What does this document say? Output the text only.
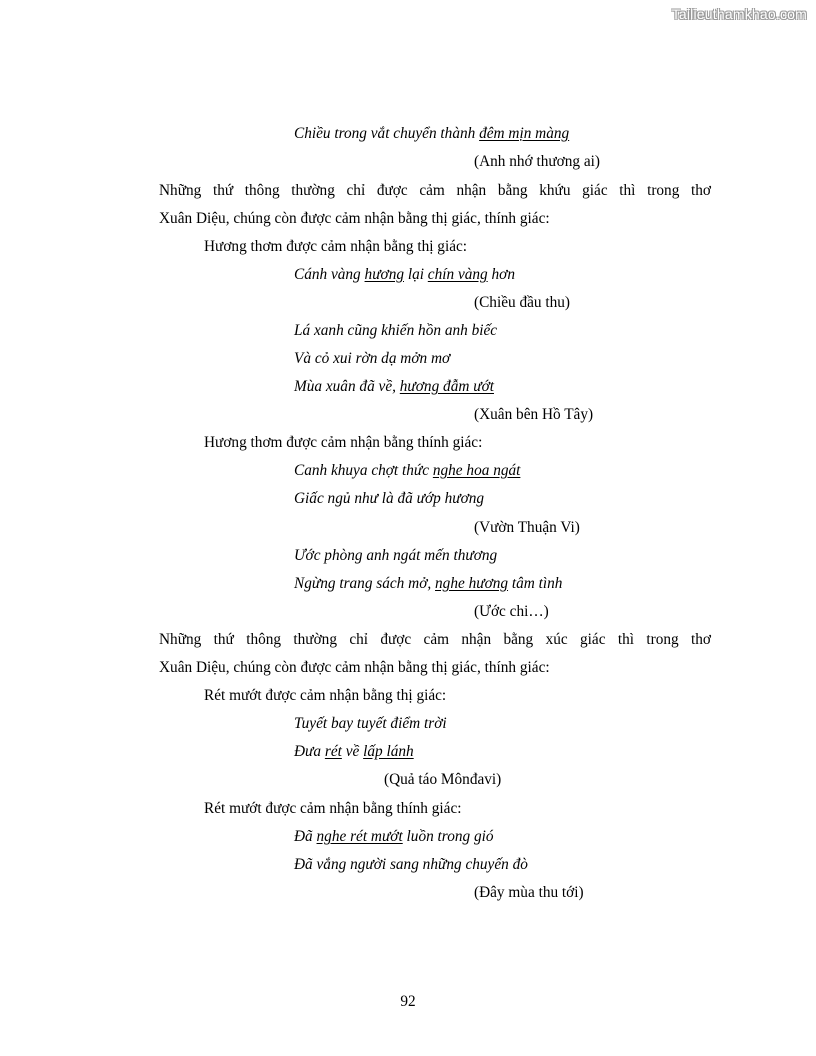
Tailieuthamkhao.com
Chiều trong vắt chuyển thành đêm mịn màng
(Anh nhớ thương ai)
Những thứ thông thường chỉ được cảm nhận bằng khứu giác thì trong thơ
Xuân Diệu, chúng còn được cảm nhận bằng thị giác, thính giác:
Hương thơm được cảm nhận bằng thị giác:
Cánh vàng hương lại chín vàng hơn
(Chiều đầu thu)
Lá xanh cũng khiến hồn anh biếc
Và cỏ xui rờn dạ mởn mơ
Mùa xuân đã về, hương đẫm ướt
(Xuân bên Hồ Tây)
Hương thơm được cảm nhận bằng thính giác:
Canh khuya chợt thức nghe hoa ngát
Giấc ngủ như là đã ướp hương
(Vườn Thuận Vi)
Ước phòng anh ngát mến thương
Ngừng trang sách mở, nghe hương tâm tình
(Ước chi…)
Những thứ thông thường chỉ được cảm nhận bằng xúc giác thì trong thơ
Xuân Diệu, chúng còn được cảm nhận bằng thị giác, thính giác:
Rét mướt được cảm nhận bằng thị giác:
Tuyết bay tuyết điểm trời
Đưa rét về lấp lánh
(Quả táo Mônđavi)
Rét mướt được cảm nhận bằng thính giác:
Đã nghe rét mướt luồn trong gió
Đã vắng người sang những chuyến đò
(Đây mùa thu tới)
92
